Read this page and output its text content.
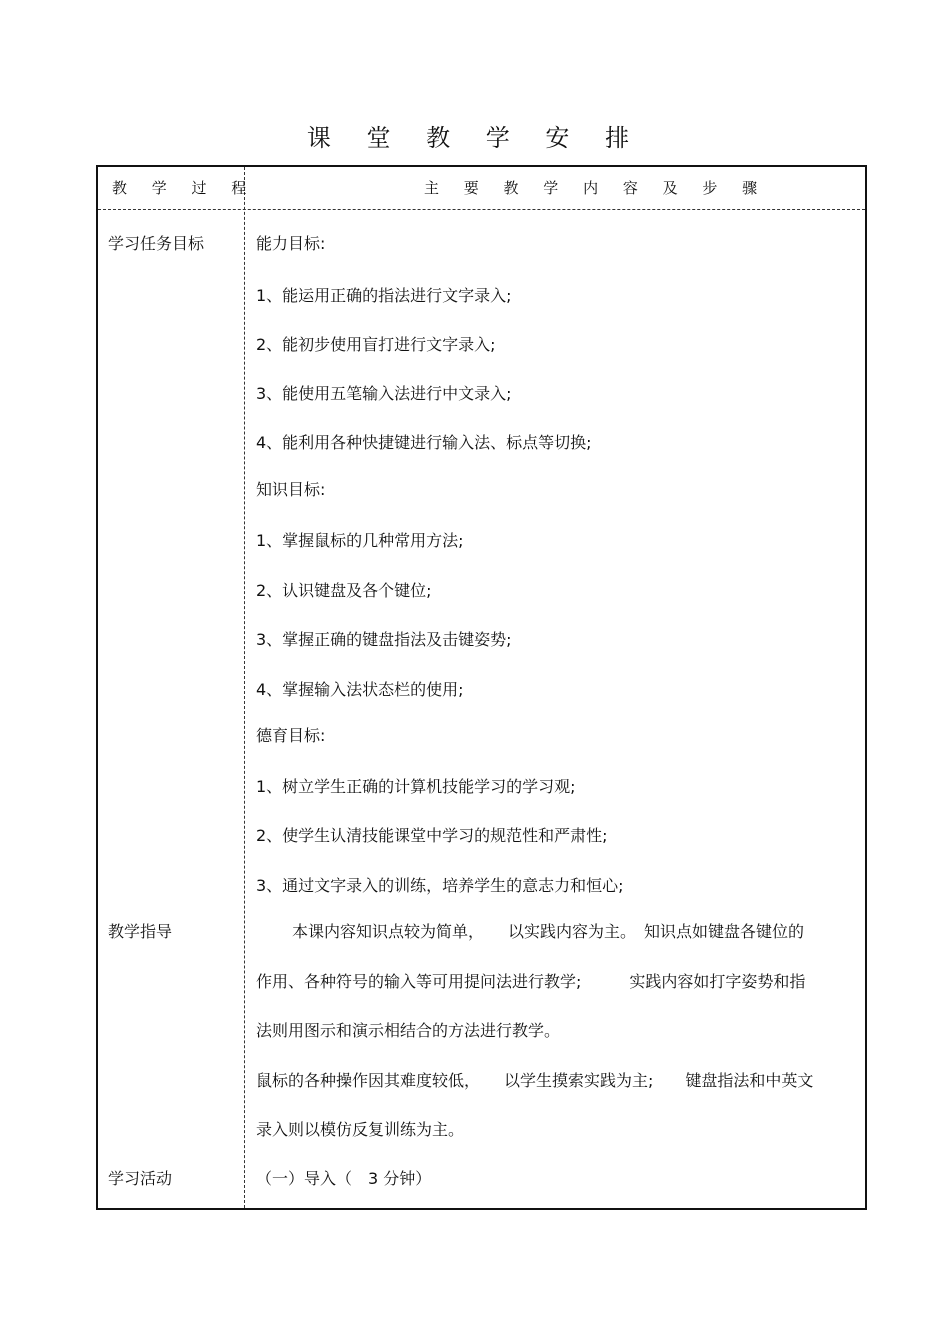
课 堂 教 学 安 排
教 学 过 程	主 要 教 学 内 容 及 步 骤
学习任务目标	能力目标:
1、能运用正确的指法进行文字录入;
2、能初步使用盲打进行文字录入;
3、能使用五笔输入法进行中文录入;
4、能利用各种快捷键进行输入法、标点等切换;
知识目标:
1、掌握鼠标的几种常用方法;
2、认识键盘及各个键位;
3、掌握正确的键盘指法及击键姿势;
4、掌握输入法状态栏的使用;
德育目标:
1、树立学生正确的计算机技能学习的学习观;
2、使学生认清技能课堂中学习的规范性和严肃性;
3、通过文字录入的训练，培养学生的意志力和恒心;
教学指导	本课内容知识点较为简单，　　以实践内容为主。　知识点如键盘各键位的
作用、各种符号的输入等可用提问法进行教学;　　　实践内容如打字姿势和指
法则用图示和演示相结合的方法进行教学。
鼠标的各种操作因其难度较低，　　以学生摸索实践为主;　　键盘指法和中英文
录入则以模仿反复训练为主。
学习活动	（一）导入（　3 分钟）
